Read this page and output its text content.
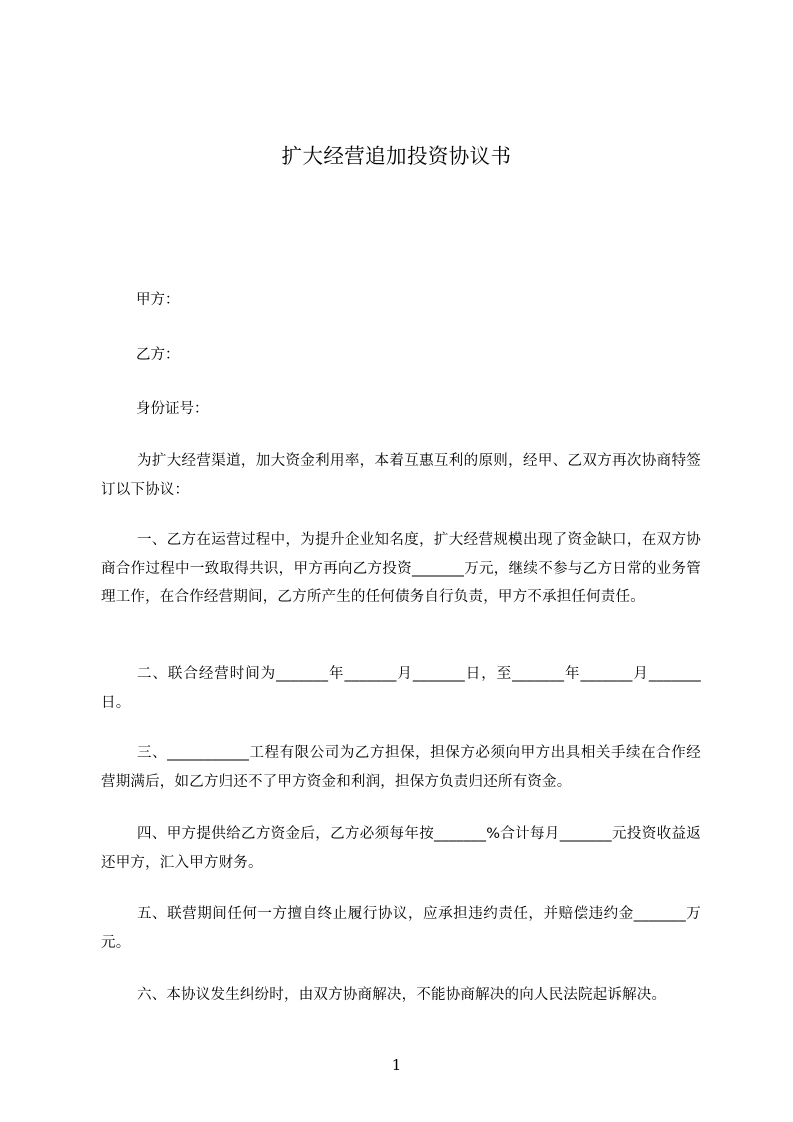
扩大经营追加投资协议书

甲方：

乙方：

身份证号：

为扩大经营渠道，加大资金利用率，本着互惠互利的原则，经甲、乙双方再次协商特签订以下协议：

一、乙方在运营过程中，为提升企业知名度，扩大经营规模出现了资金缺口，在双方协商合作过程中一致取得共识，甲方再向乙方投资_______万元，继续不参与乙方日常的业务管理工作，在合作经营期间，乙方所产生的任何债务自行负责，甲方不承担任何责任。

二、联合经营时间为_______年_______月_______日，至_______年_______月_______日。

三、___________工程有限公司为乙方担保，担保方必须向甲方出具相关手续在合作经营期满后，如乙方归还不了甲方资金和利润，担保方负责归还所有资金。

四、甲方提供给乙方资金后，乙方必须每年按_______%合计每月_______元投资收益返还甲方，汇入甲方财务。

五、联营期间任何一方擅自终止履行协议，应承担违约责任，并赔偿违约金_______万元。

六、本协议发生纠纷时，由双方协商解决，不能协商解决的向人民法院起诉解决。

1
